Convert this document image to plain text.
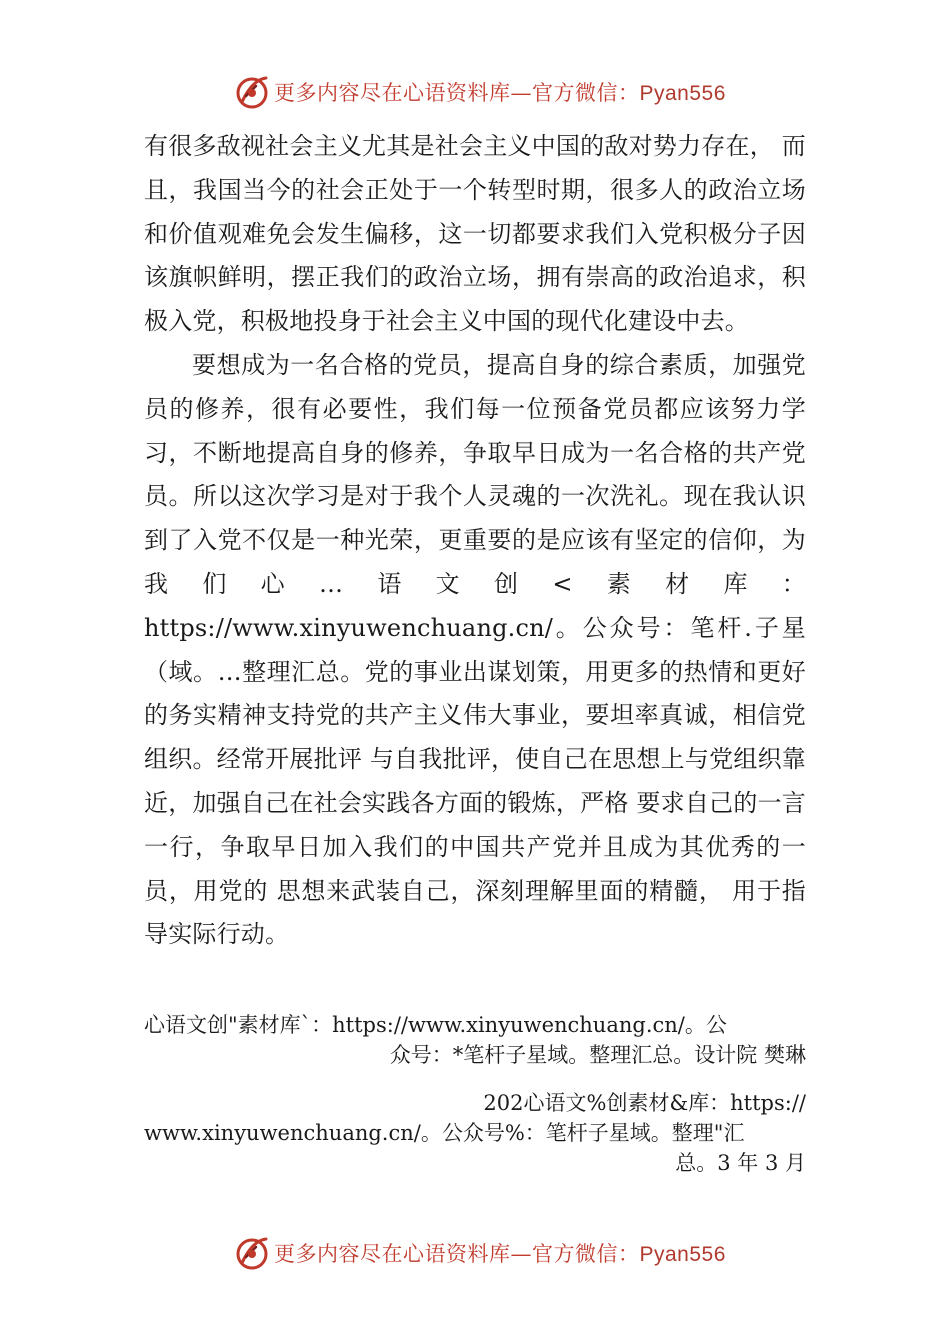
更多内容尽在心语资料库—官方微信：Pyan556

有很多敌视社会主义尤其是社会主义中国的敌对势力存在， 而且，我国当今的社会正处于一个转型时期，很多人的政治立场和价值观难免会发生偏移，这一切都要求我们入党积极分子因该旗帜鲜明，摆正我们的政治立场，拥有崇高的政治追求，积极入党，积极地投身于社会主义中国的现代化建设中去。

要想成为一名合格的党员，提高自身的综合素质，加强党员的修养，很有必要性，我们每一位预备党员都应该努力学习，不断地提高自身的修养，争取早日成为一名合格的共产党员。所以这次学习是对于我个人灵魂的一次洗礼。现在我认识到了入党不仅是一种光荣，更重要的是应该有坚定的信仰，为我们心…语文创<素材库：https://www.xinyuwenchuang.cn/。公众号：笔杆.子星（域。…整理汇总。党的事业出谋划策，用更多的热情和更好的务实精神支持党的共产主义伟大事业，要坦率真诚，相信党组织。经常开展批评 与自我批评，使自己在思想上与党组织靠近，加强自己在社会实践各方面的锻炼，严格 要求自己的一言一行，争取早日加入我们的中国共产党并且成为其优秀的一员，用党的 思想来武装自己，深刻理解里面的精髓， 用于指导实际行动。

心语文创"素材库`：https://www.xinyuwenchuang.cn/。公
众号：*笔杆子星域。整理汇总。设计院 樊琳
202心语文%创素材&库：https://
www.xinyuwenchuang.cn/。公众号%：笔杆子星域。整理"汇
总。3 年 3 月
更多内容尽在心语资料库—官方微信：Pyan556
